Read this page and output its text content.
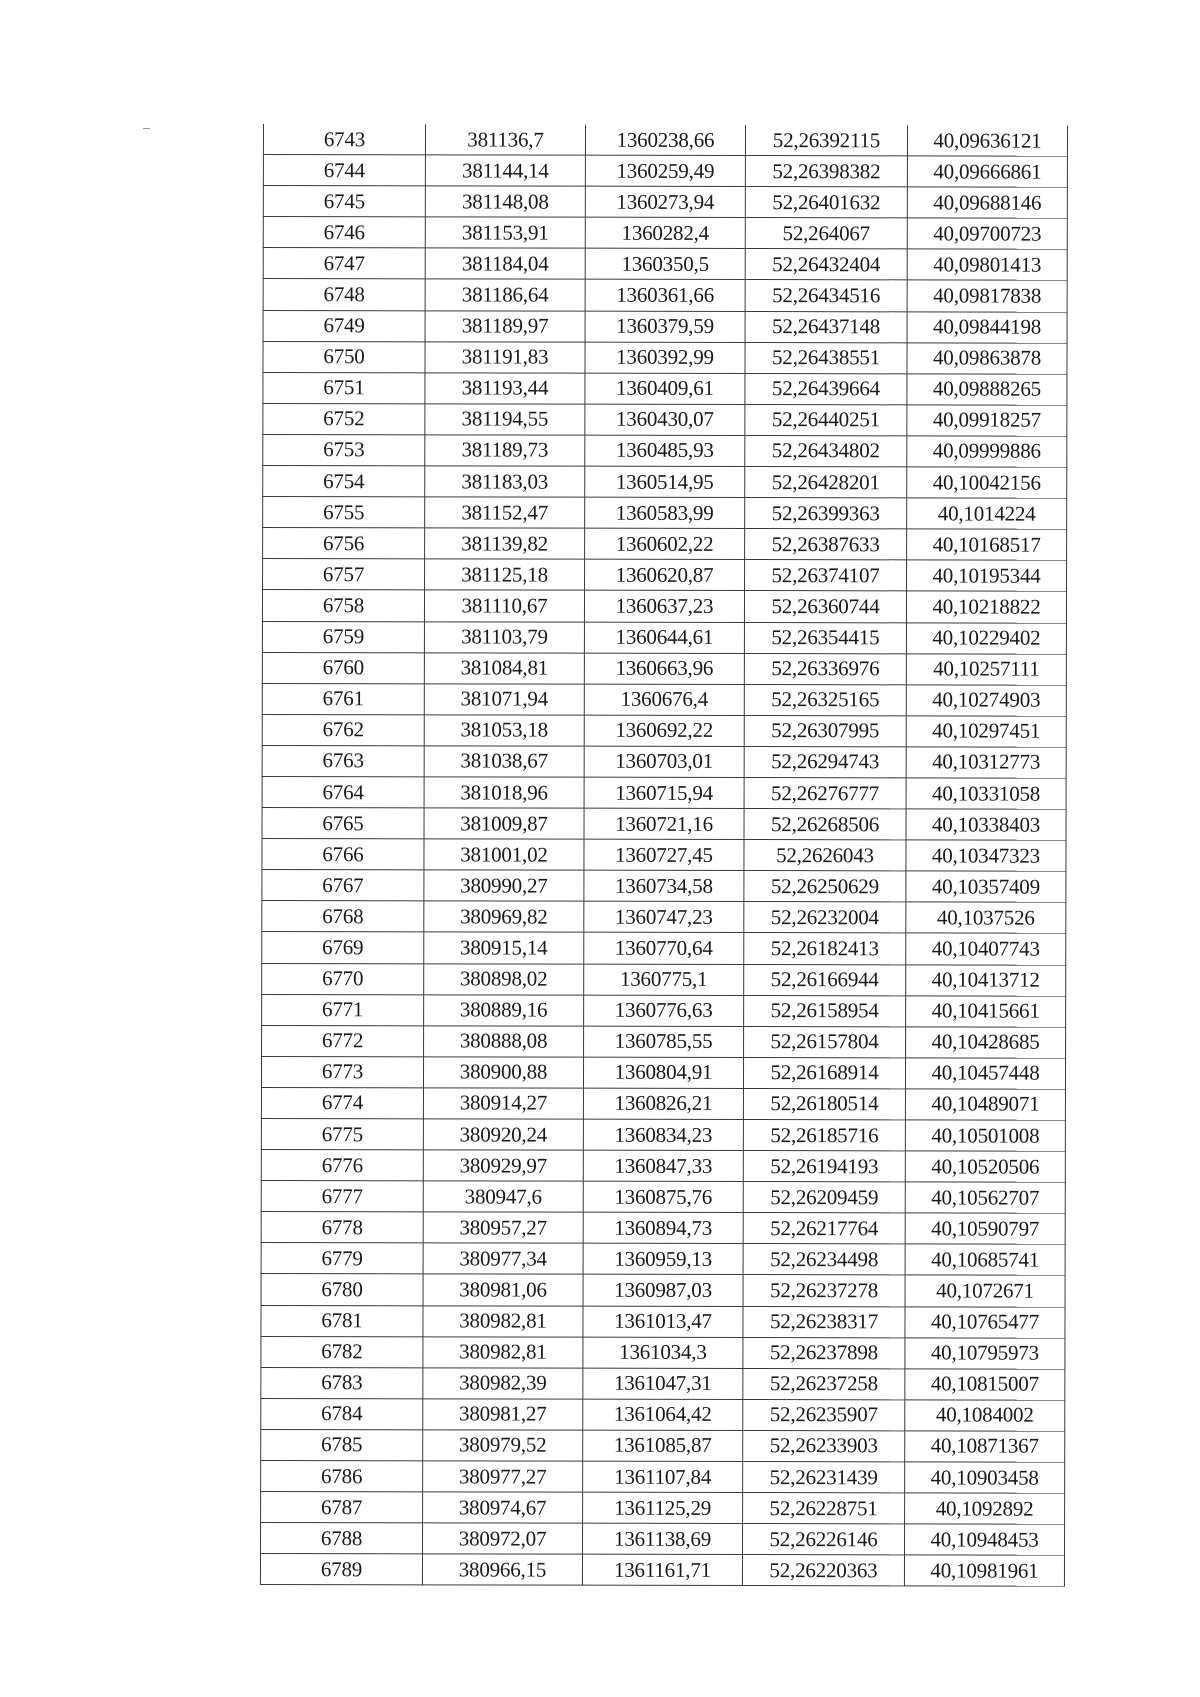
6743	381136,7	1360238,66	52,26392115	40,09636121
6744	381144,14	1360259,49	52,26398382	40,09666861
6745	381148,08	1360273,94	52,26401632	40,09688146
6746	381153,91	1360282,4	52,264067	40,09700723
6747	381184,04	1360350,5	52,26432404	40,09801413
6748	381186,64	1360361,66	52,26434516	40,09817838
6749	381189,97	1360379,59	52,26437148	40,09844198
6750	381191,83	1360392,99	52,26438551	40,09863878
6751	381193,44	1360409,61	52,26439664	40,09888265
6752	381194,55	1360430,07	52,26440251	40,09918257
6753	381189,73	1360485,93	52,26434802	40,09999886
6754	381183,03	1360514,95	52,26428201	40,10042156
6755	381152,47	1360583,99	52,26399363	40,1014224
6756	381139,82	1360602,22	52,26387633	40,10168517
6757	381125,18	1360620,87	52,26374107	40,10195344
6758	381110,67	1360637,23	52,26360744	40,10218822
6759	381103,79	1360644,61	52,26354415	40,10229402
6760	381084,81	1360663,96	52,26336976	40,10257111
6761	381071,94	1360676,4	52,26325165	40,10274903
6762	381053,18	1360692,22	52,26307995	40,10297451
6763	381038,67	1360703,01	52,26294743	40,10312773
6764	381018,96	1360715,94	52,26276777	40,10331058
6765	381009,87	1360721,16	52,26268506	40,10338403
6766	381001,02	1360727,45	52,2626043	40,10347323
6767	380990,27	1360734,58	52,26250629	40,10357409
6768	380969,82	1360747,23	52,26232004	40,1037526
6769	380915,14	1360770,64	52,26182413	40,10407743
6770	380898,02	1360775,1	52,26166944	40,10413712
6771	380889,16	1360776,63	52,26158954	40,10415661
6772	380888,08	1360785,55	52,26157804	40,10428685
6773	380900,88	1360804,91	52,26168914	40,10457448
6774	380914,27	1360826,21	52,26180514	40,10489071
6775	380920,24	1360834,23	52,26185716	40,10501008
6776	380929,97	1360847,33	52,26194193	40,10520506
6777	380947,6	1360875,76	52,26209459	40,10562707
6778	380957,27	1360894,73	52,26217764	40,10590797
6779	380977,34	1360959,13	52,26234498	40,10685741
6780	380981,06	1360987,03	52,26237278	40,1072671
6781	380982,81	1361013,47	52,26238317	40,10765477
6782	380982,81	1361034,3	52,26237898	40,10795973
6783	380982,39	1361047,31	52,26237258	40,10815007
6784	380981,27	1361064,42	52,26235907	40,1084002
6785	380979,52	1361085,87	52,26233903	40,10871367
6786	380977,27	1361107,84	52,26231439	40,10903458
6787	380974,67	1361125,29	52,26228751	40,1092892
6788	380972,07	1361138,69	52,26226146	40,10948453
6789	380966,15	1361161,71	52,26220363	40,10981961
